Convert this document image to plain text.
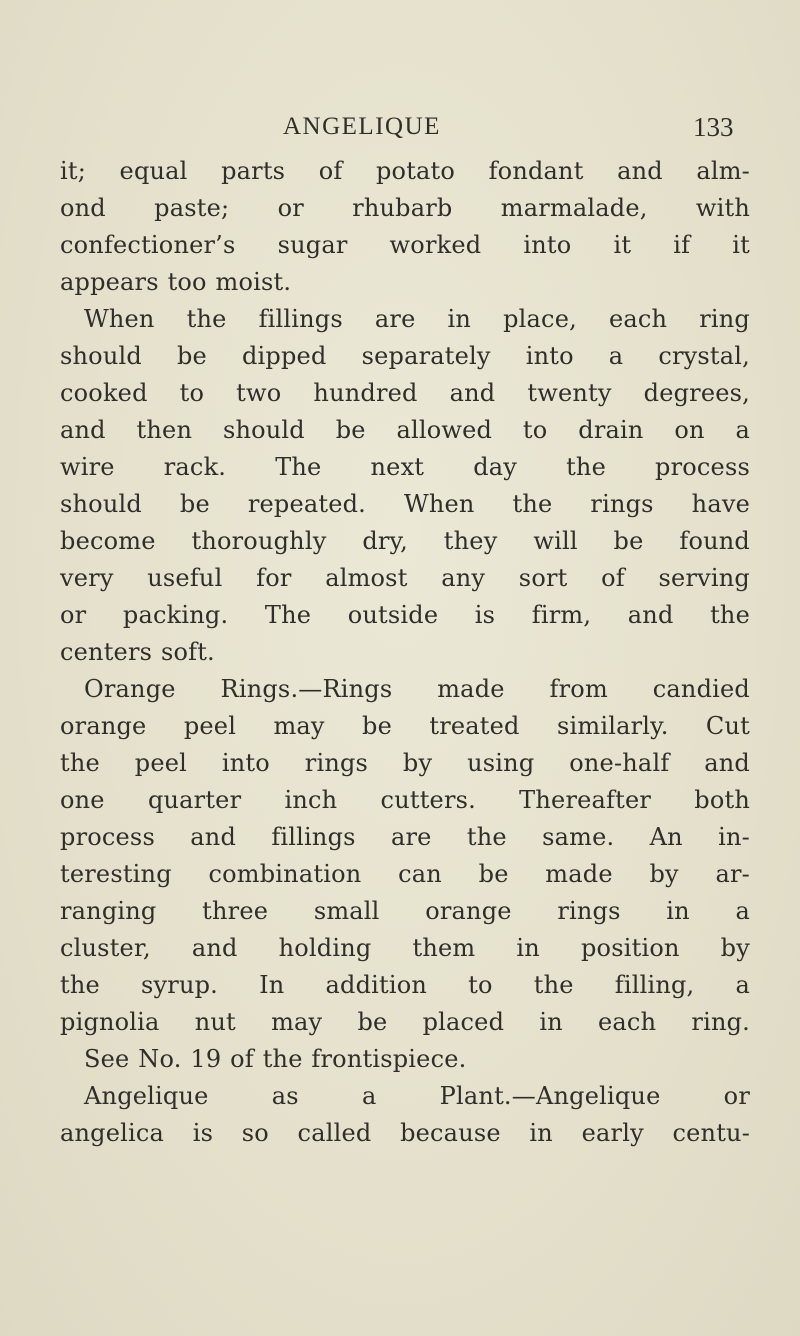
ANGELIQUE	133
it; equal parts of potato fondant and alm-
ond paste; or rhubarb marmalade, with
confectioner’s sugar worked into it if it
appears too moist.
When the fillings are in place, each ring
should be dipped separately into a crystal,
cooked to two hundred and twenty degrees,
and then should be allowed to drain on a
wire rack. The next day the process
should be repeated. When the rings have
become thoroughly dry, they will be found
very useful for almost any sort of serving
or packing. The outside is firm, and the
centers soft.
Orange Rings.—Rings made from candied
orange peel may be treated similarly. Cut
the peel into rings by using one-half and
one quarter inch cutters. Thereafter both
process and fillings are the same. An in-
teresting combination can be made by ar-
ranging three small orange rings in a
cluster, and holding them in position by
the syrup. In addition to the filling, a
pignolia nut may be placed in each ring.
See No. 19 of the frontispiece.
Angelique as a Plant.—Angelique or
angelica is so called because in early centu-
